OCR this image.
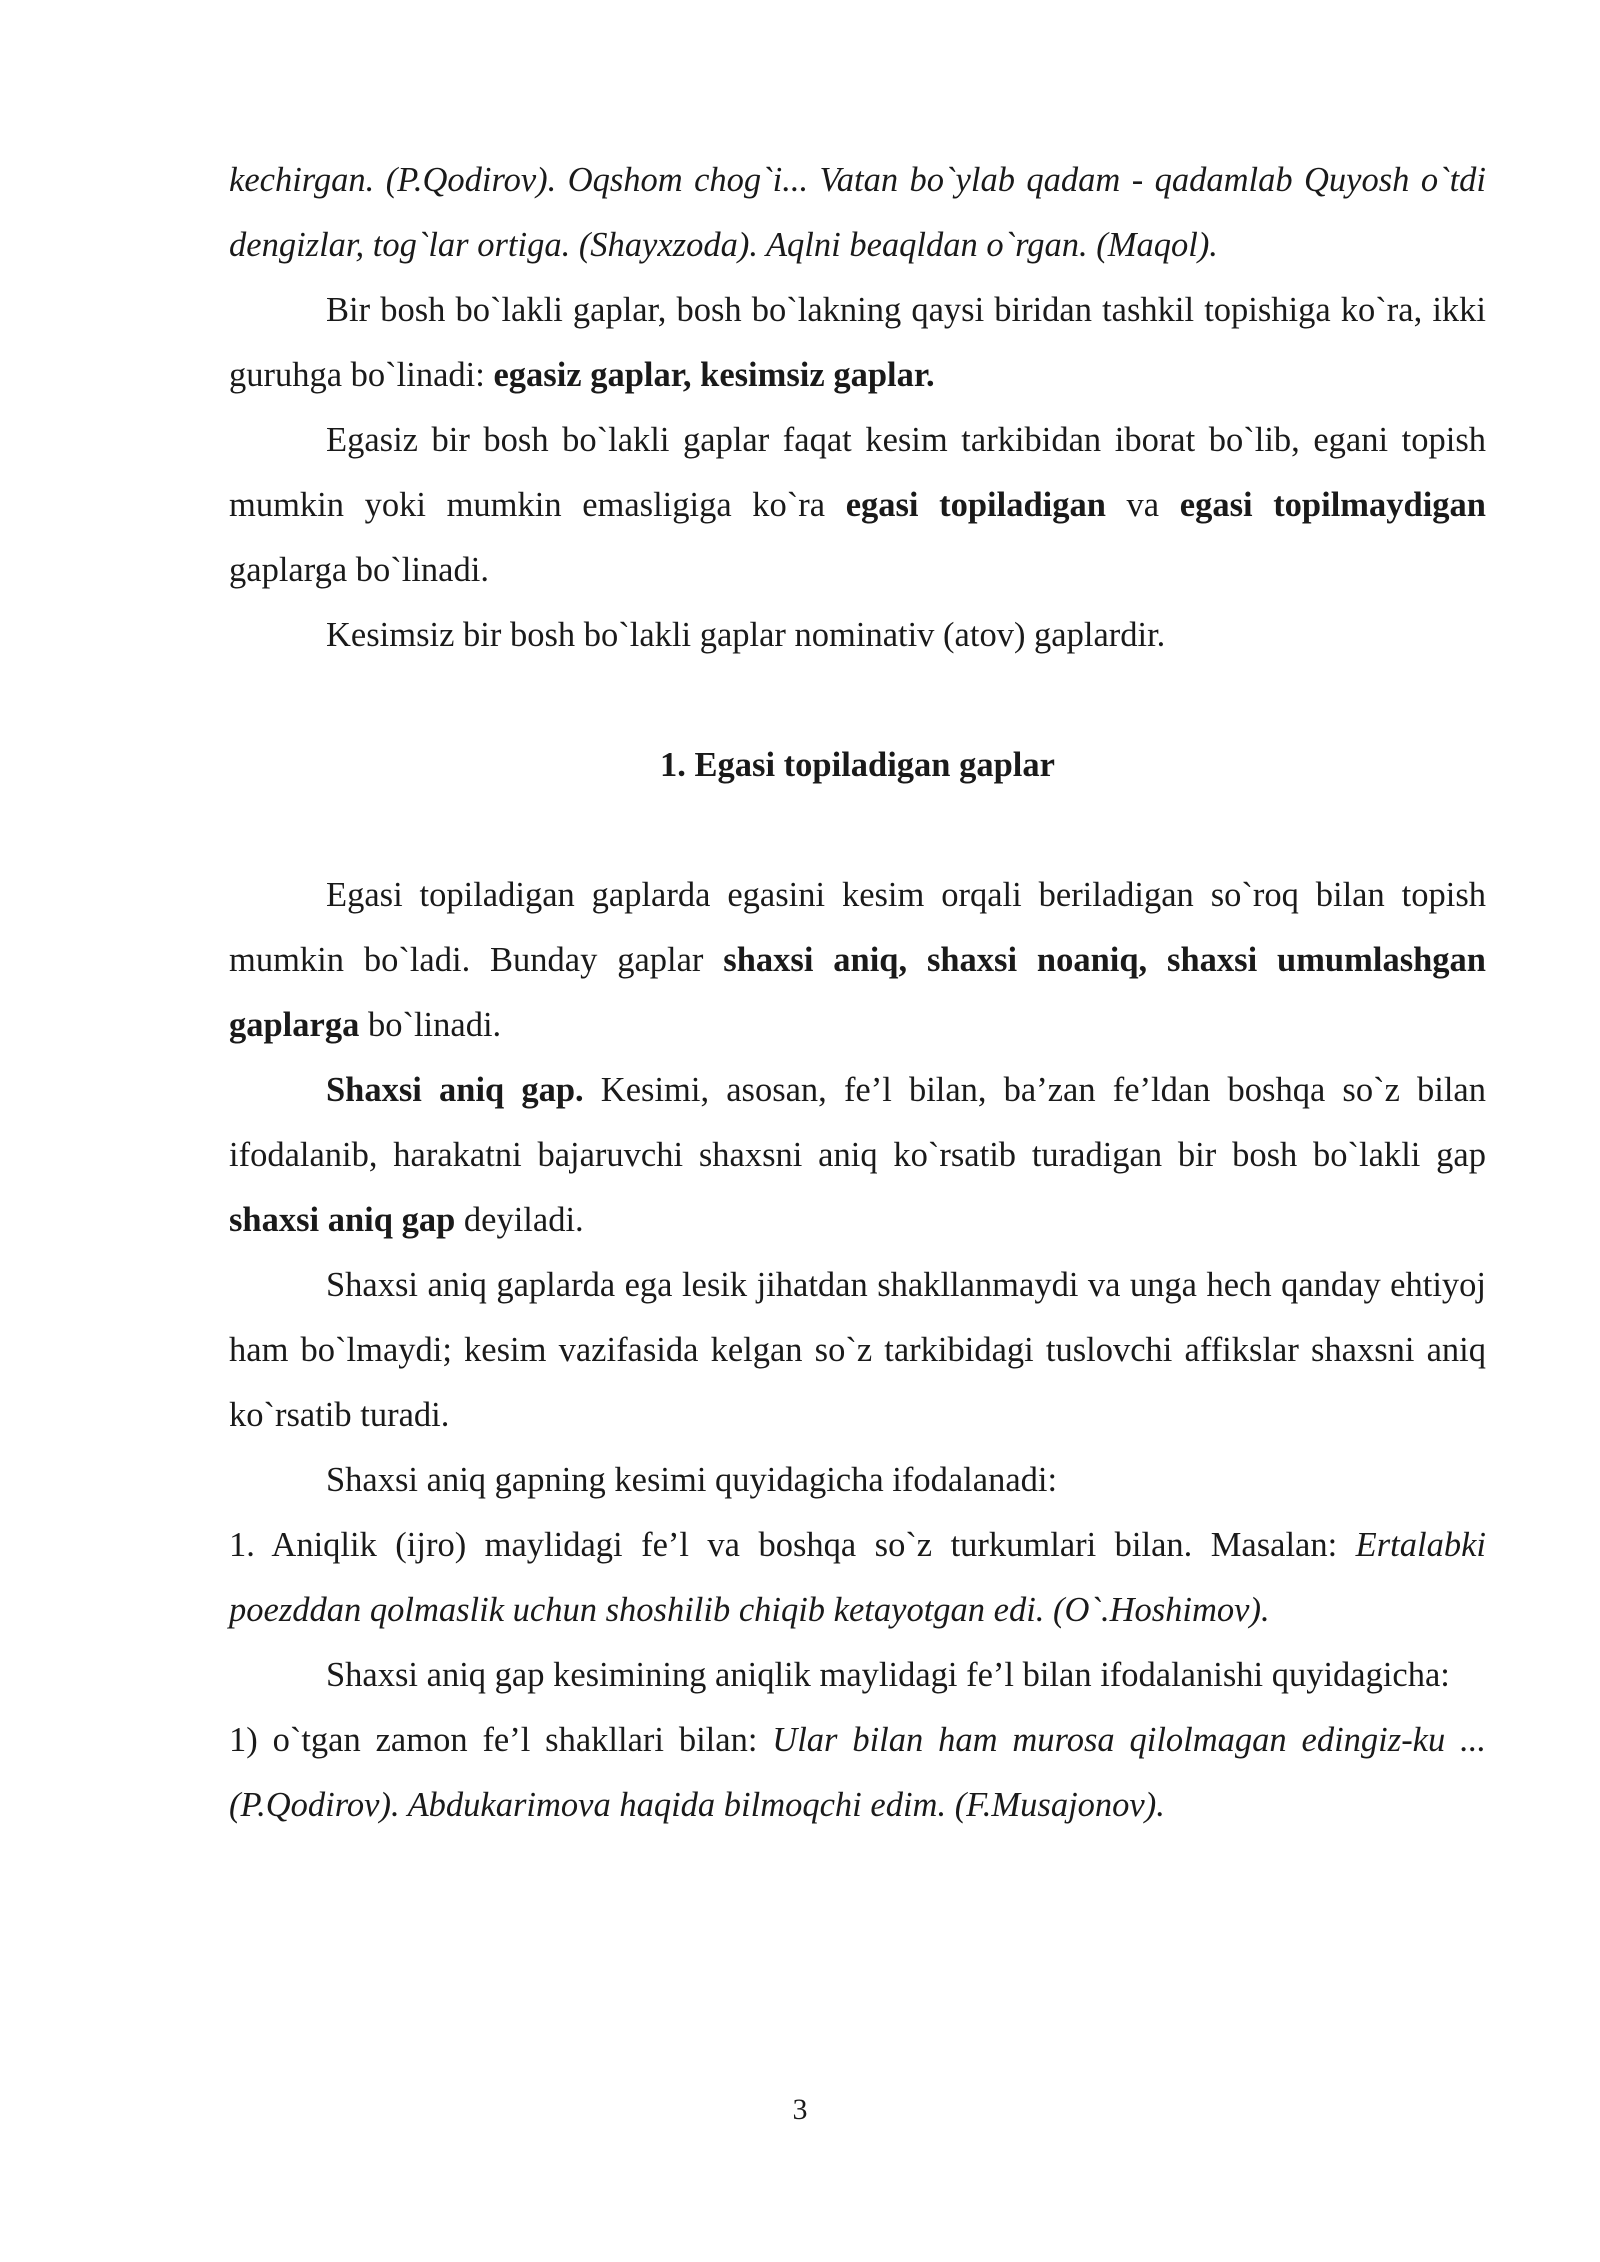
kechirgan. (P.Qodirov). Oqshom chog`i... Vatan bo`ylab qadam - qadamlab Quyosh o`tdi dengizlar, tog`lar ortiga. (Shayxzoda). Aqlni beaqldan o`rgan. (Maqol).

Bir bosh bo`lakli gaplar, bosh bo`lakning qaysi biridan tashkil topishiga ko`ra, ikki guruhga bo`linadi: egasiz gaplar, kesimsiz gaplar.

Egasiz bir bosh bo`lakli gaplar faqat kesim tarkibidan iborat bo`lib, egani topish mumkin yoki mumkin emasligiga ko`ra egasi topiladigan va egasi topilmaydigan gaplarga bo`linadi.

Kesimsiz bir bosh bo`lakli gaplar nominativ (atov) gaplardir.

1. Egasi topiladigan gaplar

Egasi topiladigan gaplarda egasini kesim orqali beriladigan so`roq bilan topish mumkin bo`ladi. Bunday gaplar shaxsi aniq, shaxsi noaniq, shaxsi umumlashgan gaplarga bo`linadi.

Shaxsi aniq gap. Kesimi, asosan, fe’l bilan, ba’zan fe’ldan boshqa so`z bilan ifodalanib, harakatni bajaruvchi shaxsni aniq ko`rsatib turadigan bir bosh bo`lakli gap shaxsi aniq gap deyiladi.

Shaxsi aniq gaplarda ega lesik jihatdan shakllanmaydi va unga hech qanday ehtiyoj ham bo`lmaydi; kesim vazifasida kelgan so`z tarkibidagi tuslovchi affikslar shaxsni aniq ko`rsatib turadi.

Shaxsi aniq gapning kesimi quyidagicha ifodalanadi:

1. Aniqlik (ijro) maylidagi fe’l va boshqa so`z turkumlari bilan. Masalan: Ertalabki poezddan qolmaslik uchun shoshilib chiqib ketayotgan edi. (O`.Hoshimov).

Shaxsi aniq gap kesimining aniqlik maylidagi fe’l bilan ifodalanishi quyidagicha:

1) o`tgan zamon fe’l shakllari bilan: Ular bilan ham murosa qilolmagan edingiz-ku ... (P.Qodirov). Abdukarimova haqida bilmoqchi edim. (F.Musajonov).

3
